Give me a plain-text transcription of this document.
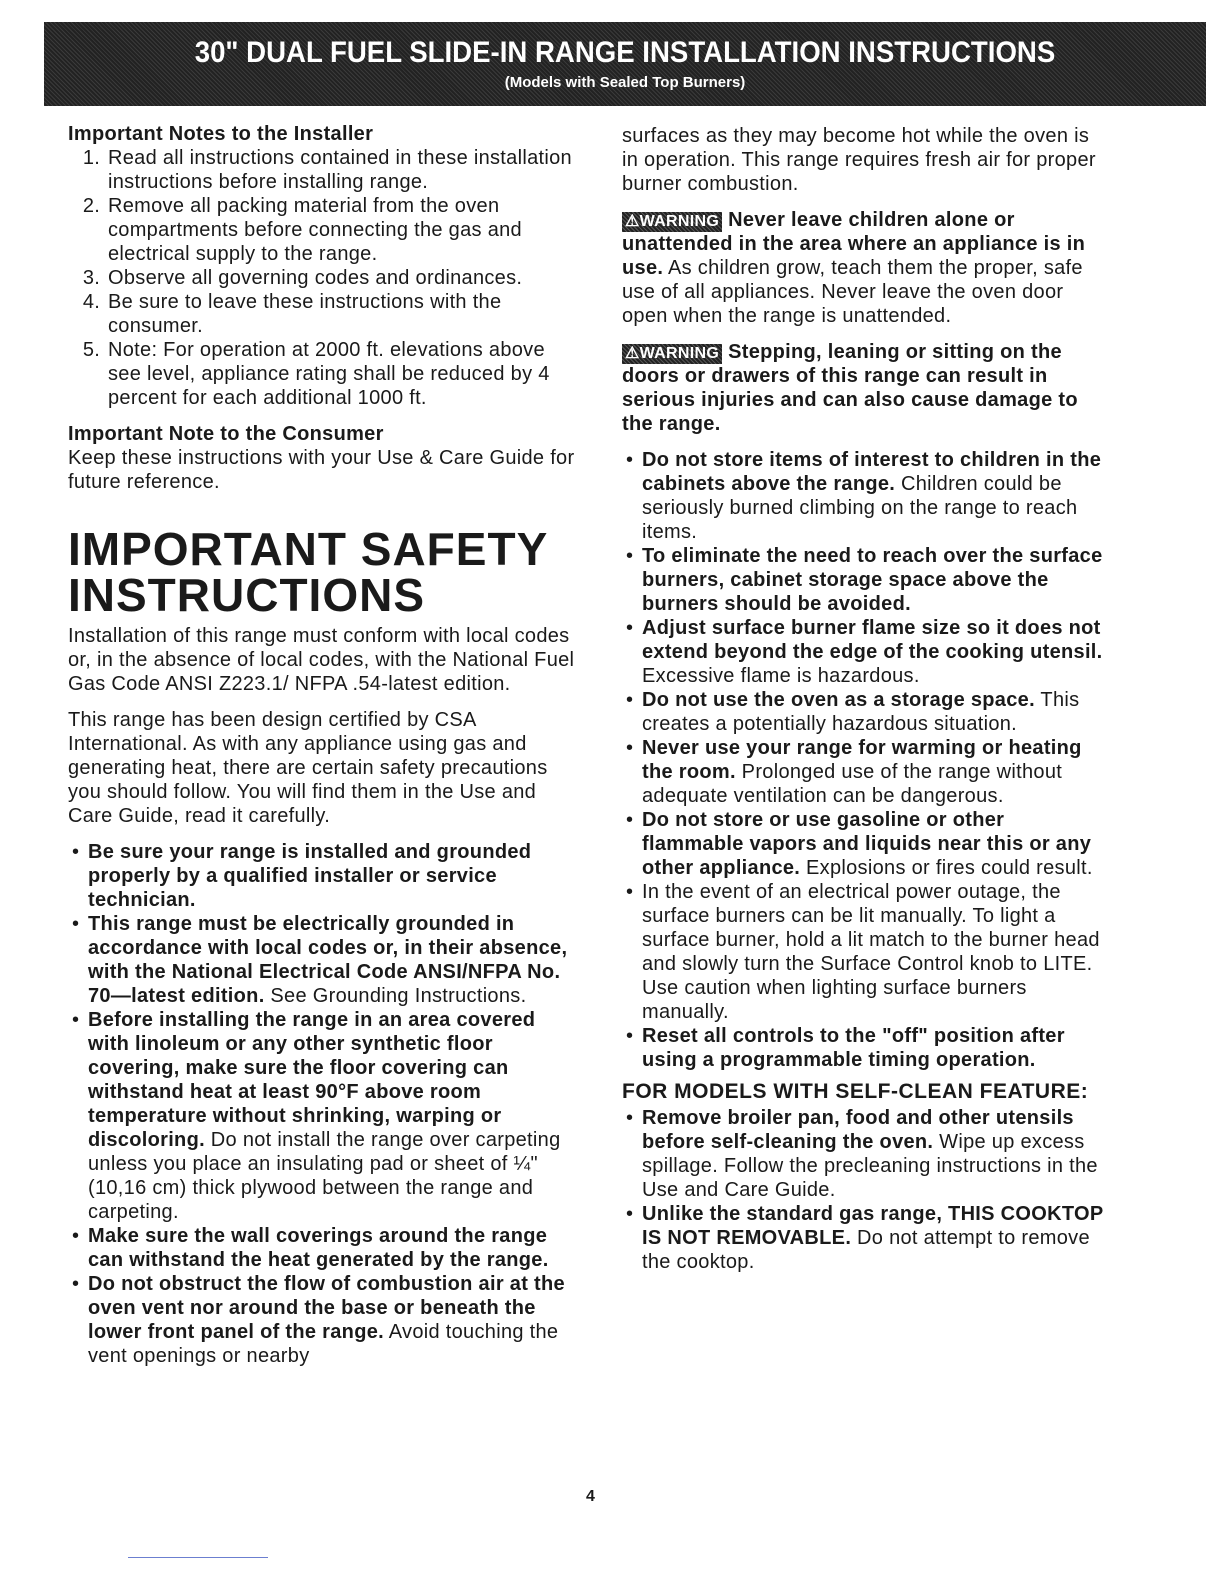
30" DUAL FUEL SLIDE-IN RANGE INSTALLATION INSTRUCTIONS
(Models with Sealed Top Burners)
Important Notes to the Installer
1. Read all instructions contained in these installation instructions before installing range.
2. Remove all packing material from the oven compartments before connecting the gas and electrical supply to the range.
3. Observe all governing codes and ordinances.
4. Be sure to leave these instructions with the consumer.
5. Note: For operation at 2000 ft. elevations above see level, appliance rating shall be reduced by 4 percent for each additional 1000 ft.
Important Note to the Consumer

Keep these instructions with your Use & Care Guide for future reference.

IMPORTANT SAFETY INSTRUCTIONS

Installation of this range must conform with local codes or, in the absence of local codes, with the National Fuel Gas Code ANSI Z223.1/ NFPA .54-latest edition.

This range has been design certified by CSA International. As with any appliance using gas and generating heat, there are certain safety precautions you should follow. You will find them in the Use and Care Guide, read it carefully.

• Be sure your range is installed and grounded properly by a qualified installer or service technician.
• This range must be electrically grounded in accordance with local codes or, in their absence, with the National Electrical Code ANSI/NFPA No. 70—latest edition. See Grounding Instructions.
• Before installing the range in an area covered with linoleum or any other synthetic floor covering, make sure the floor covering can withstand heat at least 90°F above room temperature without shrinking, warping or discoloring. Do not install the range over carpeting unless you place an insulating pad or sheet of ¼" (10,16 cm) thick plywood between the range and carpeting.
• Make sure the wall coverings around the range can withstand the heat generated by the range.
• Do not obstruct the flow of combustion air at the oven vent nor around the base or beneath the lower front panel of the range. Avoid touching the vent openings or nearby

surfaces as they may become hot while the oven is in operation. This range requires fresh air for proper burner combustion.

⚠WARNING Never leave children alone or unattended in the area where an appliance is in use. As children grow, teach them the proper, safe use of all appliances. Never leave the oven door open when the range is unattended.

⚠WARNING Stepping, leaning or sitting on the doors or drawers of this range can result in serious injuries and can also cause damage to the range.

• Do not store items of interest to children in the cabinets above the range. Children could be seriously burned climbing on the range to reach items.
• To eliminate the need to reach over the surface burners, cabinet storage space above the burners should be avoided.
• Adjust surface burner flame size so it does not extend beyond the edge of the cooking utensil. Excessive flame is hazardous.
• Do not use the oven as a storage space. This creates a potentially hazardous situation.
• Never use your range for warming or heating the room. Prolonged use of the range without adequate ventilation can be dangerous.
• Do not store or use gasoline or other flammable vapors and liquids near this or any other appliance. Explosions or fires could result.
• In the event of an electrical power outage, the surface burners can be lit manually. To light a surface burner, hold a lit match to the burner head and slowly turn the Surface Control knob to LITE. Use caution when lighting surface burners manually.
• Reset all controls to the "off" position after using a programmable timing operation.
FOR MODELS WITH SELF-CLEAN FEATURE:
• Remove broiler pan, food and other utensils before self-cleaning the oven. Wipe up excess spillage. Follow the precleaning instructions in the Use and Care Guide.
• Unlike the standard gas range, THIS COOKTOP IS NOT REMOVABLE. Do not attempt to remove the cooktop.
4
